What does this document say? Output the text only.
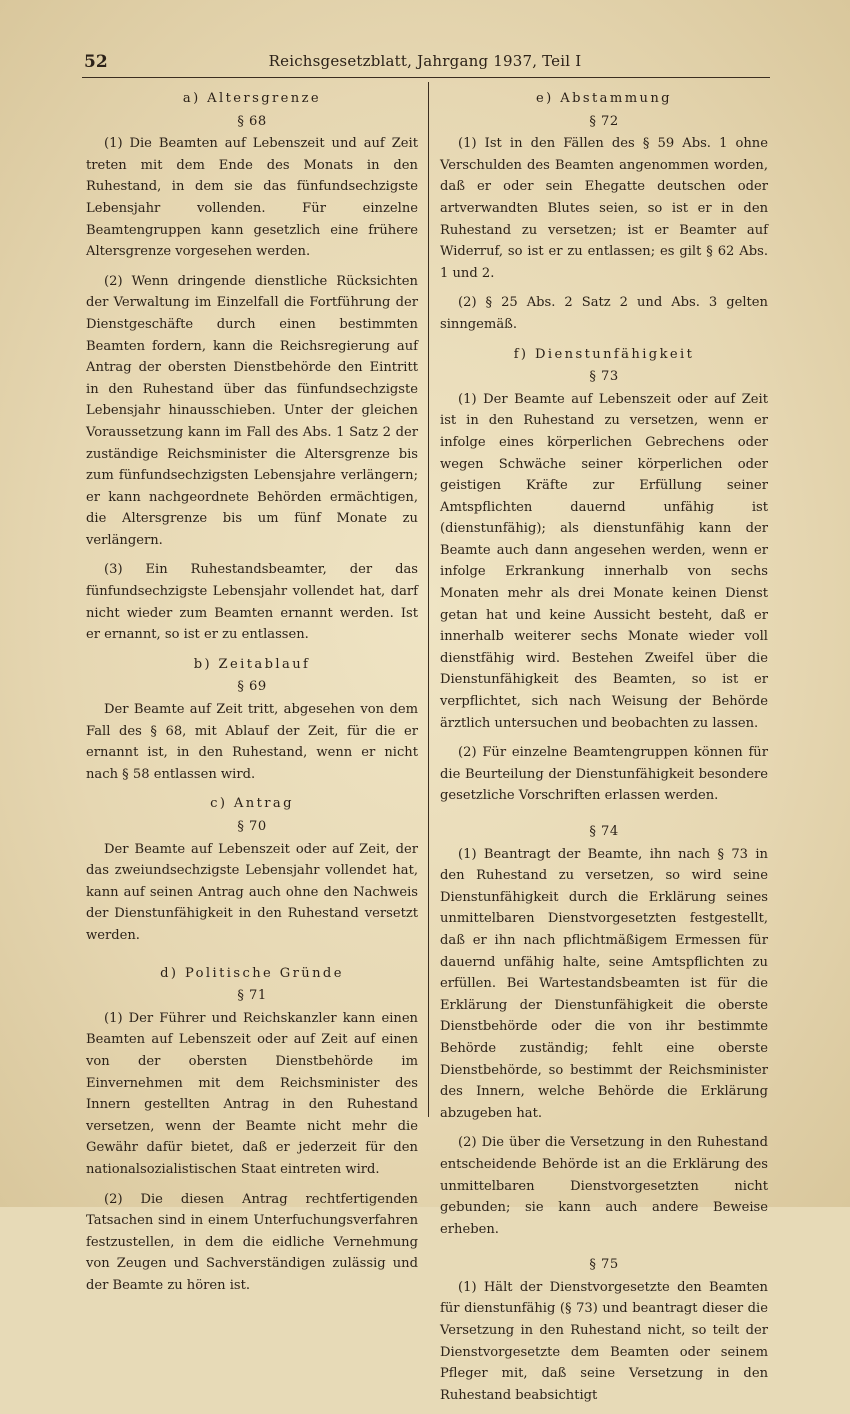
52	Reichsgesetzblatt, Jahrgang 1937, Teil I
a) Altersgrenze
§ 68

(1) Die Beamten auf Lebenszeit und auf Zeit treten mit dem Ende des Monats in den Ruhestand, in dem sie das fünfundsechzigste Lebensjahr vollenden. Für einzelne Beamtengruppen kann gesetzlich eine frühere Altersgrenze vorgesehen werden.

(2) Wenn dringende dienstliche Rücksichten der Verwaltung im Einzelfall die Fortführung der Dienstgeschäfte durch einen bestimmten Beamten fordern, kann die Reichsregierung auf Antrag der obersten Dienstbehörde den Eintritt in den Ruhestand über das fünfundsechzigste Lebensjahr hinausschieben. Unter der gleichen Voraussetzung kann im Fall des Abs. 1 Satz 2 der zuständige Reichsminister die Altersgrenze bis zum fünfundsechzigsten Lebensjahre verlängern; er kann nachgeordnete Behörden ermächtigen, die Altersgrenze bis um fünf Monate zu verlängern.

(3) Ein Ruhestandsbeamter, der das fünfundsechzigste Lebensjahr vollendet hat, darf nicht wieder zum Beamten ernannt werden. Ist er ernannt, so ist er zu entlassen.

b) Zeitablauf
§ 69

Der Beamte auf Zeit tritt, abgesehen von dem Fall des § 68, mit Ablauf der Zeit, für die er ernannt ist, in den Ruhestand, wenn er nicht nach § 58 entlassen wird.

c) Antrag
§ 70

Der Beamte auf Lebenszeit oder auf Zeit, der das zweiundsechzigste Lebensjahr vollendet hat, kann auf seinen Antrag auch ohne den Nachweis der Dienstunfähigkeit in den Ruhestand versetzt werden.

d) Politische Gründe
§ 71

(1) Der Führer und Reichskanzler kann einen Beamten auf Lebenszeit oder auf Zeit auf einen von der obersten Dienstbehörde im Einvernehmen mit dem Reichsminister des Innern gestellten Antrag in den Ruhestand versetzen, wenn der Beamte nicht mehr die Gewähr dafür bietet, daß er jederzeit für den nationalsozialistischen Staat eintreten wird.

(2) Die diesen Antrag rechtfertigenden Tatsachen sind in einem Unterfuchungsverfahren festzustellen, in dem die eidliche Vernehmung von Zeugen und Sachverständigen zulässig und der Beamte zu hören ist.

e) Abstammung
§ 72

(1) Ist in den Fällen des § 59 Abs. 1 ohne Verschulden des Beamten angenommen worden, daß er oder sein Ehegatte deutschen oder artverwandten Blutes seien, so ist er in den Ruhestand zu versetzen; ist er Beamter auf Widerruf, so ist er zu entlassen; es gilt § 62 Abs. 1 und 2.

(2) § 25 Abs. 2 Satz 2 und Abs. 3 gelten sinngemäß.

f) Dienstunfähigkeit
§ 73

(1) Der Beamte auf Lebenszeit oder auf Zeit ist in den Ruhestand zu versetzen, wenn er infolge eines körperlichen Gebrechens oder wegen Schwäche seiner körperlichen oder geistigen Kräfte zur Erfüllung seiner Amtspflichten dauernd unfähig ist (dienstunfähig); als dienstunfähig kann der Beamte auch dann angesehen werden, wenn er infolge Erkrankung innerhalb von sechs Monaten mehr als drei Monate keinen Dienst getan hat und keine Aussicht besteht, daß er innerhalb weiterer sechs Monate wieder voll dienstfähig wird. Bestehen Zweifel über die Dienstunfähigkeit des Beamten, so ist er verpflichtet, sich nach Weisung der Behörde ärztlich untersuchen und beobachten zu lassen.

(2) Für einzelne Beamtengruppen können für die Beurteilung der Dienstunfähigkeit besondere gesetzliche Vorschriften erlassen werden.

§ 74

(1) Beantragt der Beamte, ihn nach § 73 in den Ruhestand zu versetzen, so wird seine Dienstunfähigkeit durch die Erklärung seines unmittelbaren Dienstvorgesetzten festgestellt, daß er ihn nach pflichtmäßigem Ermessen für dauernd unfähig halte, seine Amtspflichten zu erfüllen. Bei Wartestandsbeamten ist für die Erklärung der Dienstunfähigkeit die oberste Dienstbehörde oder die von ihr bestimmte Behörde zuständig; fehlt eine oberste Dienstbehörde, so bestimmt der Reichsminister des Innern, welche Behörde die Erklärung abzugeben hat.

(2) Die über die Versetzung in den Ruhestand entscheidende Behörde ist an die Erklärung des unmittelbaren Dienstvorgesetzten nicht gebunden; sie kann auch andere Beweise erheben.

§ 75

(1) Hält der Dienstvorgesetzte den Beamten für dienstunfähig (§ 73) und beantragt dieser die Versetzung in den Ruhestand nicht, so teilt der Dienstvorgesetzte dem Beamten oder seinem Pfleger mit, daß seine Versetzung in den Ruhestand beabsichtigt
